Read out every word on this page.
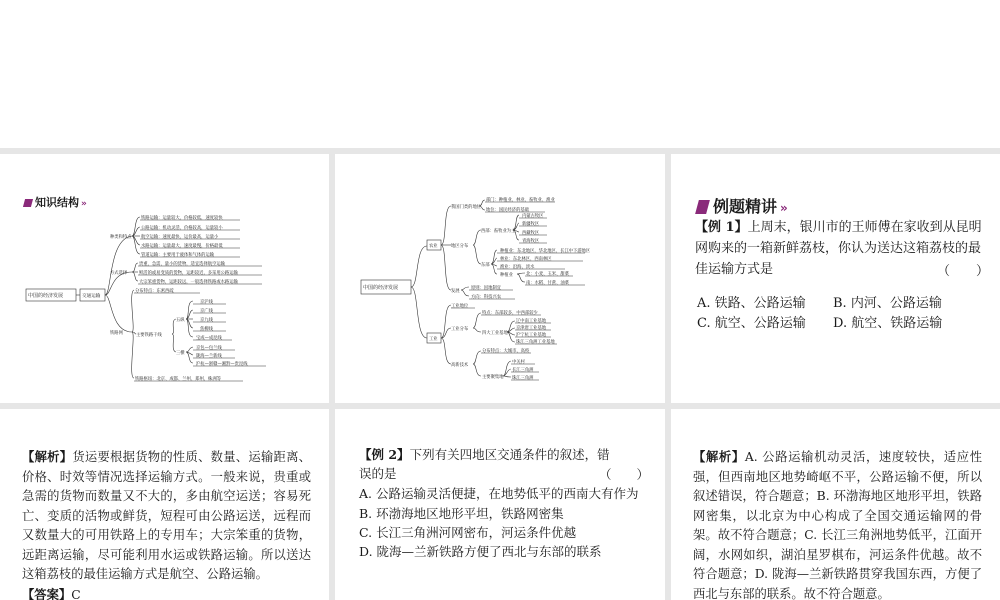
知识结构 »
中国的经济发展	交通运输
种类和特点
铁路运输：运量较大，价格较低，速度较快
公路运输：机动灵活，价格较高，运量较小
航空运输：速度最快，运价最高，运量小
水路运输：运量最大，速度最慢，价格最低
管道运输：主要用于液体和气体的运输
方式选择
贵重、急需、量小的货物，适宜选择航空运输
鲜活的或易变质的货物，运距较近，多采用公路运输
大宗笨重货物，运距较远，一般选择铁路或水路运输
铁路网
分布特点：东密西疏
主要铁路干线
五纵
京沪线
京广线
京九线
焦柳线
宝成—成昆线
三横
京包—包兰线
陇海—兰新线
沪杭—浙赣—湘黔—贵昆线
铁路枢纽：北京、成都、兰州、郑州、株洲等
中国的经济发展
农业
工业
我国门类的地位
部门：种植业、林业、畜牧业、渔业
地位：国民经济的基础
地区分布
西部：畜牧业为主
内蒙古牧区
新疆牧区
西藏牧区
青海牧区
东部
种植业：东北地区，华北地区，长江中下游地区
林业：东北林区，西南林区
渔业：沿海、淡水
种植业	北：小麦、玉米、甜菜
南：水稻、甘蔗、油菜
发展
原则：因地制宜
方向：科技兴农
工业地位
工业分布
特点：东部较多，中西部较少
四大工业基地
辽中南工业基地
京津唐工业基地
沪宁杭工业基地
珠江三角洲工业基地
高新技术
分布特点：大城市、高校
主要聚集地
中关村
长江三角洲
珠江三角洲
例题精讲 »
【例 1】上周末，银川市的王师傅在家收到从昆明网购来的一箱新鲜荔枝，你认为送达这箱荔枝的最佳运输方式是	（　　）
A. 铁路、公路运输 B. 内河、公路运输
C. 航空、公路运输 D. 航空、铁路运输
【解析】货运要根据货物的性质、数量、运输距离、价格、时效等情况选择运输方式。一般来说，贵重或急需的货物而数量又不大的，多由航空运送；容易死亡、变质的活物或鲜货，短程可由公路运送，远程而又数量大的可用铁路上的专用车；大宗笨重的货物，远距离运输，尽可能利用水运或铁路运输。所以送达这箱荔枝的最佳运输方式是航空、公路运输。
【答案】C
【例 2】下列有关四地区交通条件的叙述，错误的是	（　　）
A. 公路运输灵活便捷，在地势低平的西南大有作为
B. 环渤海地区地形平坦，铁路网密集
C. 长江三角洲河网密布，河运条件优越
D. 陇海—兰新铁路方便了西北与东部的联系
【解析】A. 公路运输机动灵活，速度较快，适应性强，但西南地区地势崎岖不平，公路运输不便，所以叙述错误，符合题意；B. 环渤海地区地形平坦，铁路网密集，以北京为中心构成了全国交通运输网的骨架。故不符合题意；C. 长江三角洲地势低平，江面开阔，水网如织，湖泊星罗棋布，河运条件优越。故不符合题意；D. 陇海—兰新铁路贯穿我国东西，方便了西北与东部的联系。故不符合题意。
